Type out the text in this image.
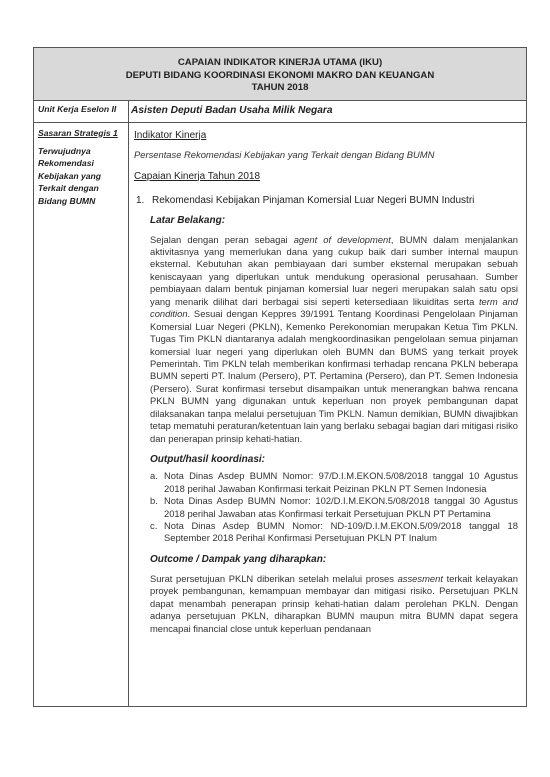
CAPAIAN INDIKATOR KINERJA UTAMA (IKU)
DEPUTI BIDANG KOORDINASI EKONOMI MAKRO DAN KEUANGAN
TAHUN 2018
Unit Kerja Eselon II	Asisten Deputi Badan Usaha Milik Negara
Sasaran Strategis 1
Terwujudnya Rekomendasi Kebijakan yang Terkait dengan Bidang BUMN
Indikator Kinerja
Persentase Rekomendasi Kebijakan yang Terkait dengan Bidang BUMN
Capaian Kinerja Tahun 2018
1. Rekomendasi Kebijakan Pinjaman Komersial Luar Negeri BUMN Industri
Latar Belakang:
Sejalan dengan peran sebagai agent of development, BUMN dalam menjalankan aktivitasnya yang memerlukan dana yang cukup baik dari sumber internal maupun eksternal. Kebutuhan akan pembiayaan dari sumber eksternal merupakan sebuah keniscayaan yang diperlukan untuk mendukung operasional perusahaan. Sumber pembiayaan dalam bentuk pinjaman komersial luar negeri merupakan salah satu opsi yang menarik dilihat dari berbagai sisi seperti ketersediaan likuiditas serta term and condition. Sesuai dengan Keppres 39/1991 Tentang Koordinasi Pengelolaan Pinjaman Komersial Luar Negeri (PKLN), Kemenko Perekonomian merupakan Ketua Tim PKLN. Tugas Tim PKLN diantaranya adalah mengkoordinasikan pengelolaan semua pinjaman komersial luar negeri yang diperlukan oleh BUMN dan BUMS yang terkait proyek Pemerintah. Tim PKLN telah memberikan konfirmasi terhadap rencana PKLN beberapa BUMN seperti PT. Inalum (Persero), PT. Pertamina (Persero), dan PT. Semen Indonesia (Persero). Surat konfirmasi tersebut disampaikan untuk menerangkan bahwa rencana PKLN BUMN yang digunakan untuk keperluan non proyek pembangunan dapat dilaksanakan tanpa melalui persetujuan Tim PKLN. Namun demikian, BUMN diwajibkan tetap mematuhi peraturan/ketentuan lain yang berlaku sebagai bagian dari mitigasi risiko dan penerapan prinsip kehati-hatian.
Output/hasil koordinasi:
a. Nota Dinas Asdep BUMN Nomor: 97/D.I.M.EKON.5/08/2018 tanggal 10 Agustus 2018 perihal Jawaban Konfirmasi terkait Peizinan PKLN PT Semen Indonesia
b. Nota Dinas Asdep BUMN Nomor: 102/D.I.M.EKON.5/08/2018 tanggal 30 Agustus 2018 perihal Jawaban atas Konfirmasi terkait Persetujuan PKLN PT Pertamina
c. Nota Dinas Asdep BUMN Nomor: ND-109/D.I.M.EKON.5/09/2018 tanggal 18 September 2018 Perihal Konfirmasi Persetujuan PKLN PT Inalum
Outcome / Dampak yang diharapkan:
Surat persetujuan PKLN diberikan setelah melalui proses assesment terkait kelayakan proyek pembangunan, kemampuan membayar dan mitigasi risiko. Persetujuan PKLN dapat menambah penerapan prinsip kehati-hatian dalam perolehan PKLN. Dengan adanya persetujuan PKLN, diharapkan BUMN maupun mitra BUMN dapat segera mencapai financial close untuk keperluan pendanaan
